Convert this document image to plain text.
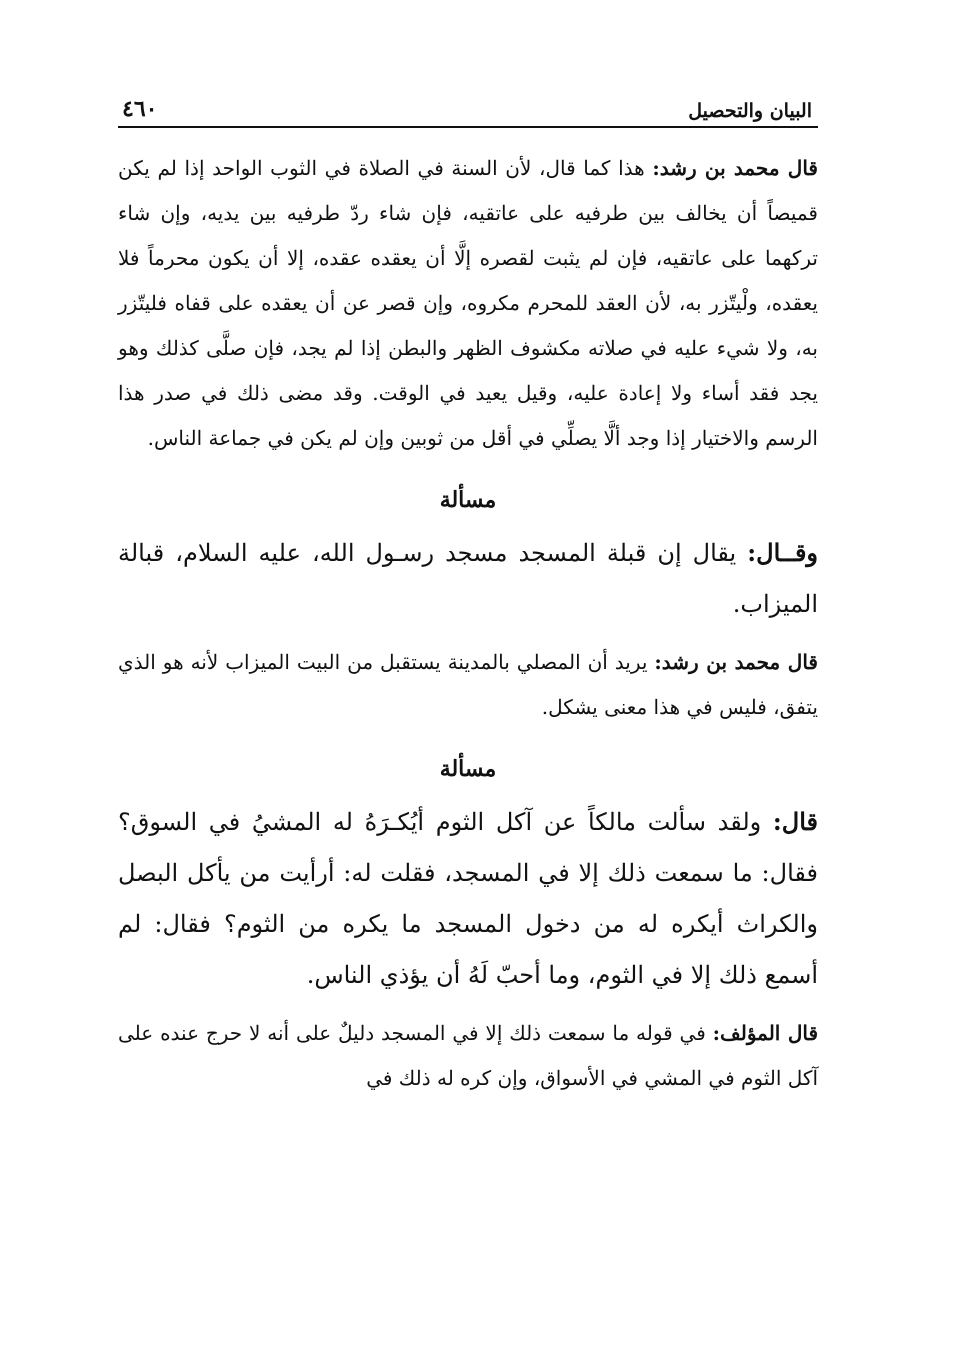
البيان والتحصيل
٤٦٠

قال محمد بن رشد: هذا كما قال، لأن السنة في الصلاة في الثوب الواحد إذا لم يكن قميصاً أن يخالف بين طرفيه على عاتقيه، فإن شاء ردّ طرفيه بين يديه، وإن شاء تركهما على عاتقيه، فإن لم يثبت لقصره إلَّا أن يعقده عقده، إلا أن يكون محرماً فلا يعقده، ولْيتّزر به، لأن العقد للمحرم مكروه، وإن قصر عن أن يعقده على قفاه فليتّزر به، ولا شيء عليه في صلاته مكشوف الظهر والبطن إذا لم يجد، فإن صلَّى كذلك وهو يجد فقد أساء ولا إعادة عليه، وقيل يعيد في الوقت. وقد مضى ذلك في صدر هذا الرسم والاختيار إذا وجد ألَّا يصلِّي في أقل من ثوبين وإن لم يكن في جماعة الناس.

مسألة

وقــال: يقال إن قبلة المسجد مسجد رسـول الله، عليه السلام، قبالة الميزاب.

قال محمد بن رشد: يريد أن المصلي بالمدينة يستقبل من البيت الميزاب لأنه هو الذي يتفق، فليس في هذا معنى يشكل.

مسألة

قال: ولقد سألت مالكاً عن آكل الثوم أيُكـرَهُ له المشيُ في السوق؟ فقال: ما سمعت ذلك إلا في المسجد، فقلت له: أرأيت من يأكل البصل والكراث أيكره له من دخول المسجد ما يكره من الثوم؟ فقال: لم أسمع ذلك إلا في الثوم، وما أحبّ لَهُ أن يؤذي الناس.

قال المؤلف: في قوله ما سمعت ذلك إلا في المسجد دليلٌ على أنه لا حرج عنده على آكل الثوم في المشي في الأسواق، وإن كره له ذلك في
